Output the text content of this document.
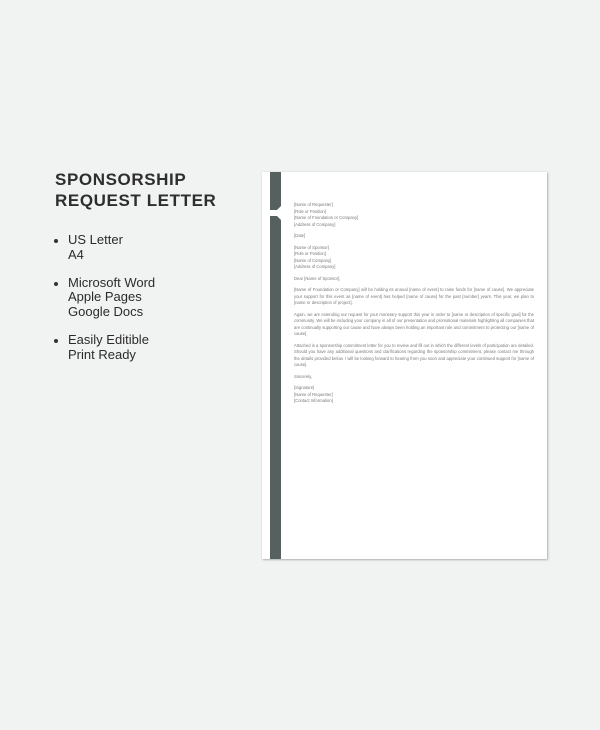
SPONSORSHIP REQUEST LETTER
US Letter
A4
Microsoft Word
Apple Pages
Google Docs
Easily Editible
Print Ready
[Name of Requester]
[Role or Position]
[Name of Foundation or Company]
[Address of Company]
[Date]
[Name of Sponsor]
[Role or Position]
[Name of Company]
[Address of Company]
Dear [Name of Sponsor],
[Name of Foundation or Company] will be holding its annual [name of event] to raise funds for [name of cause]. We appreciate your support for this event as [name of event] has helped [name of cause] for the past [number] years. This year, we plan to [name or description of project].
Again, we are extending our request for your monetary support this year in order to [name or description of specific goal] for the community. We will be including your company in all of our presentation and promotional materials highlighting all companies that are continually supporting our cause and have always been holding an important role and commitment to protecting our [name of cause].
Attached is a sponsorship commitment letter for you to review and fill out in which the different levels of participation are detailed. Should you have any additional questions and clarifications regarding the sponsorship commitment, please contact me through the details provided below. I will be looking forward to hearing from you soon and appreciate your continued support for [name of cause].
Sincerely,
[Signature]
[Name of Requester]
[Contact Information]
